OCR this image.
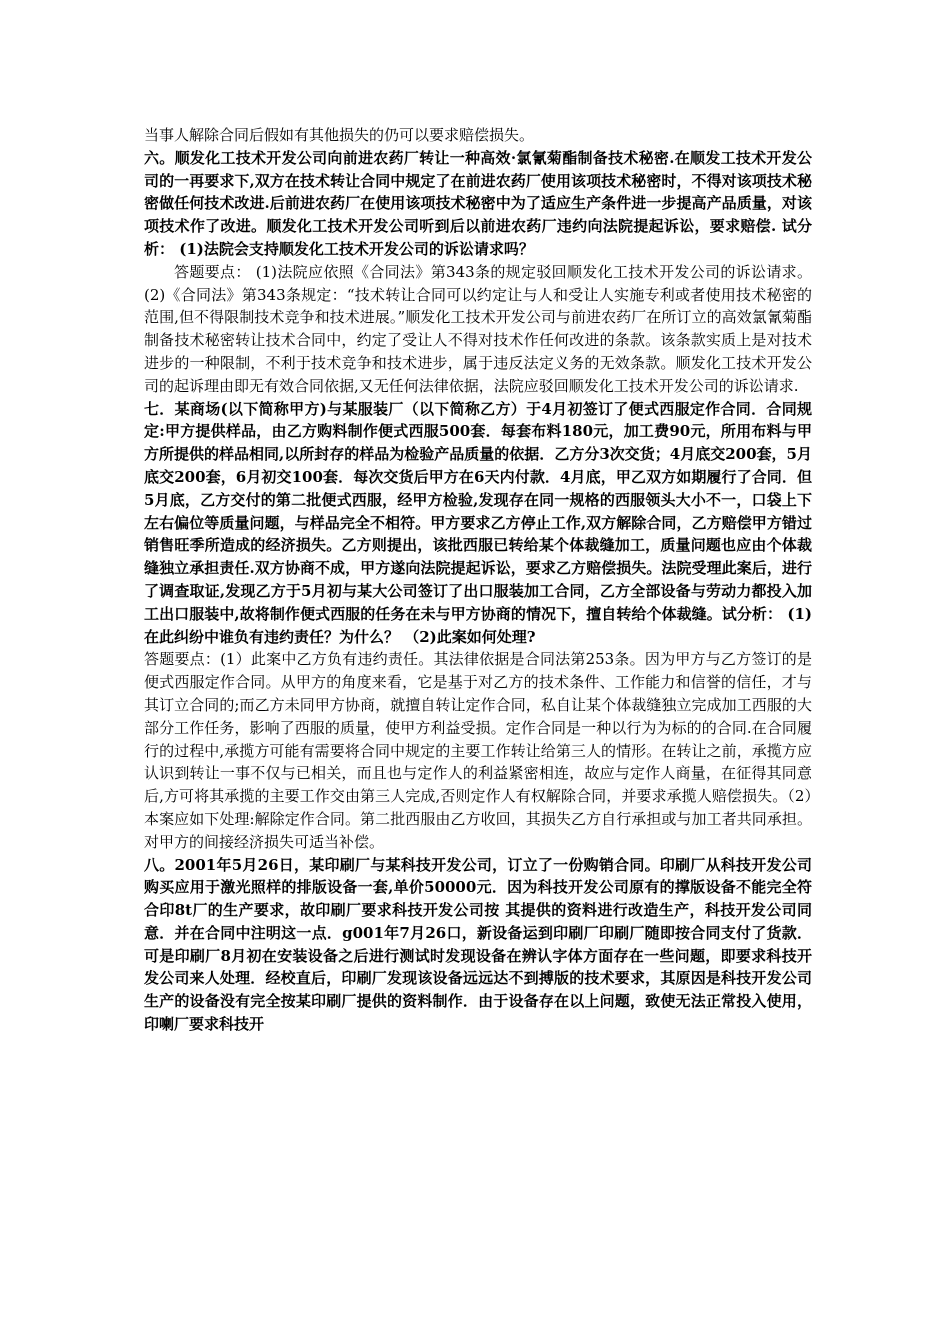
当事人解除合同后假如有其他损失的仍可以要求赔偿损失。

六。顺发化工技术开发公司向前进农药厂转让一种高效·氯氰菊酯制备技术秘密.在顺发工技术开发公司的一再要求下,双方在技术转让合同中规定了在前进农药厂使用该项技术秘密时，不得对该项技术秘密做任何技术改进.后前进农药厂在使用该项技术秘密中为了适应生产条件进一步提高产品质量，对该项技术作了改进。顺发化工技术开发公司听到后以前进农药厂违约向法院提起诉讼，要求赔偿. 试分析： (1)法院会支持顺发化工技术开发公司的诉讼请求吗？

答题要点： (1)法院应依照《合同法》第343条的规定驳回顺发化工技术开发公司的诉讼请求。 (2)《合同法》第343条规定：“技术转让合同可以约定让与人和受让人实施专利或者使用技术秘密的范围,但不得限制技术竞争和技术进展。”顺发化工技术开发公司与前进农药厂在所订立的高效氯氰菊酯制备技术秘密转让技术合同中，约定了受让人不得对技术作任何改进的条款。该条款实质上是对技术进步的一种限制，不利于技术竞争和技术进步，属于违反法定义务的无效条款。顺发化工技术开发公司的起诉理由即无有效合同依据,又无任何法律依据，法院应驳回顺发化工技术开发公司的诉讼请求.

七．某商场(以下简称甲方)与某服装厂（以下简称乙方）于4月初签订了便式西服定作合同．合同规定:甲方提供样品，由乙方购料制作便式西服500套．每套布料180元，加工费90元，所用布料与甲方所提供的样品相同,以所封存的样品为检验产品质量的依据．乙方分3次交货；4月底交200套，5月底交200套，6月初交100套．每次交货后甲方在6天内付款．4月底，甲乙双方如期履行了合同．但5月底，乙方交付的第二批便式西服，经甲方检验,发现存在同一规格的西服领头大小不一，口袋上下左右偏位等质量问题，与样品完全不相符。甲方要求乙方停止工作,双方解除合同，乙方赔偿甲方错过销售旺季所造成的经济损失。乙方则提出，该批西服已转给某个体裁缝加工，质量问题也应由个体裁缝独立承担责任.双方协商不成，甲方遂向法院提起诉讼，要求乙方赔偿损失。法院受理此案后，进行了调查取证,发现乙方于5月初与某大公司签订了出口服装加工合同，乙方全部设备与劳动力都投入加工出口服装中,故将制作便式西服的任务在未与甲方协商的情况下，擅自转给个体裁缝。试分析： (1)在此纠纷中谁负有违约责任？为什么？ （2)此案如何处理?

答题要点：(1）此案中乙方负有违约责任。其法律依据是合同法第253条。因为甲方与乙方签订的是便式西服定作合同。从甲方的角度来看，它是基于对乙方的技术条件、工作能力和信誉的信任，才与其订立合同的;而乙方未同甲方协商，就擅自转让定作合同，私自让某个体裁缝独立完成加工西服的大部分工作任务，影响了西服的质量，使甲方利益受损。定作合同是一种以行为为标的的合同.在合同履行的过程中,承揽方可能有需要将合同中规定的主要工作转让给第三人的情形。在转让之前，承揽方应认识到转让一事不仅与已相关，而且也与定作人的利益紧密相连，故应与定作人商量，在征得其同意后,方可将其承揽的主要工作交由第三人完成,否则定作人有权解除合同，并要求承揽人赔偿损失。（2）本案应如下处理:解除定作合同。第二批西服由乙方收回，其损失乙方自行承担或与加工者共同承担。对甲方的间接经济损失可适当补偿。

八。2001年5月26日，某印刷厂与某科技开发公司，订立了一份购销合同。印刷厂从科技开发公司购买应用于激光照样的排版设备一套,单价50000元．因为科技开发公司原有的撑版设备不能完全符合印8t厂的生产要求，故印刷厂要求科技开发公司按 其提供的资料进行改造生产，科技开发公司同意．并在合同中注明这一点．g001年7月26口，新设备运到印刷厂印刷厂随即按合同支付了货款．可是印刷厂8月初在安装设备之后进行测试时发现设备在辨认字体方面存在一些问题，即要求科技开发公司来人处理．经校直后，印刷厂发现该设备远远达不到搏版的技术要求，其原因是科技开发公司生产的设备没有完全按某印刷厂提供的资料制作．由于设备存在以上问题，致使无法正常投入使用，印喇厂要求科技开
